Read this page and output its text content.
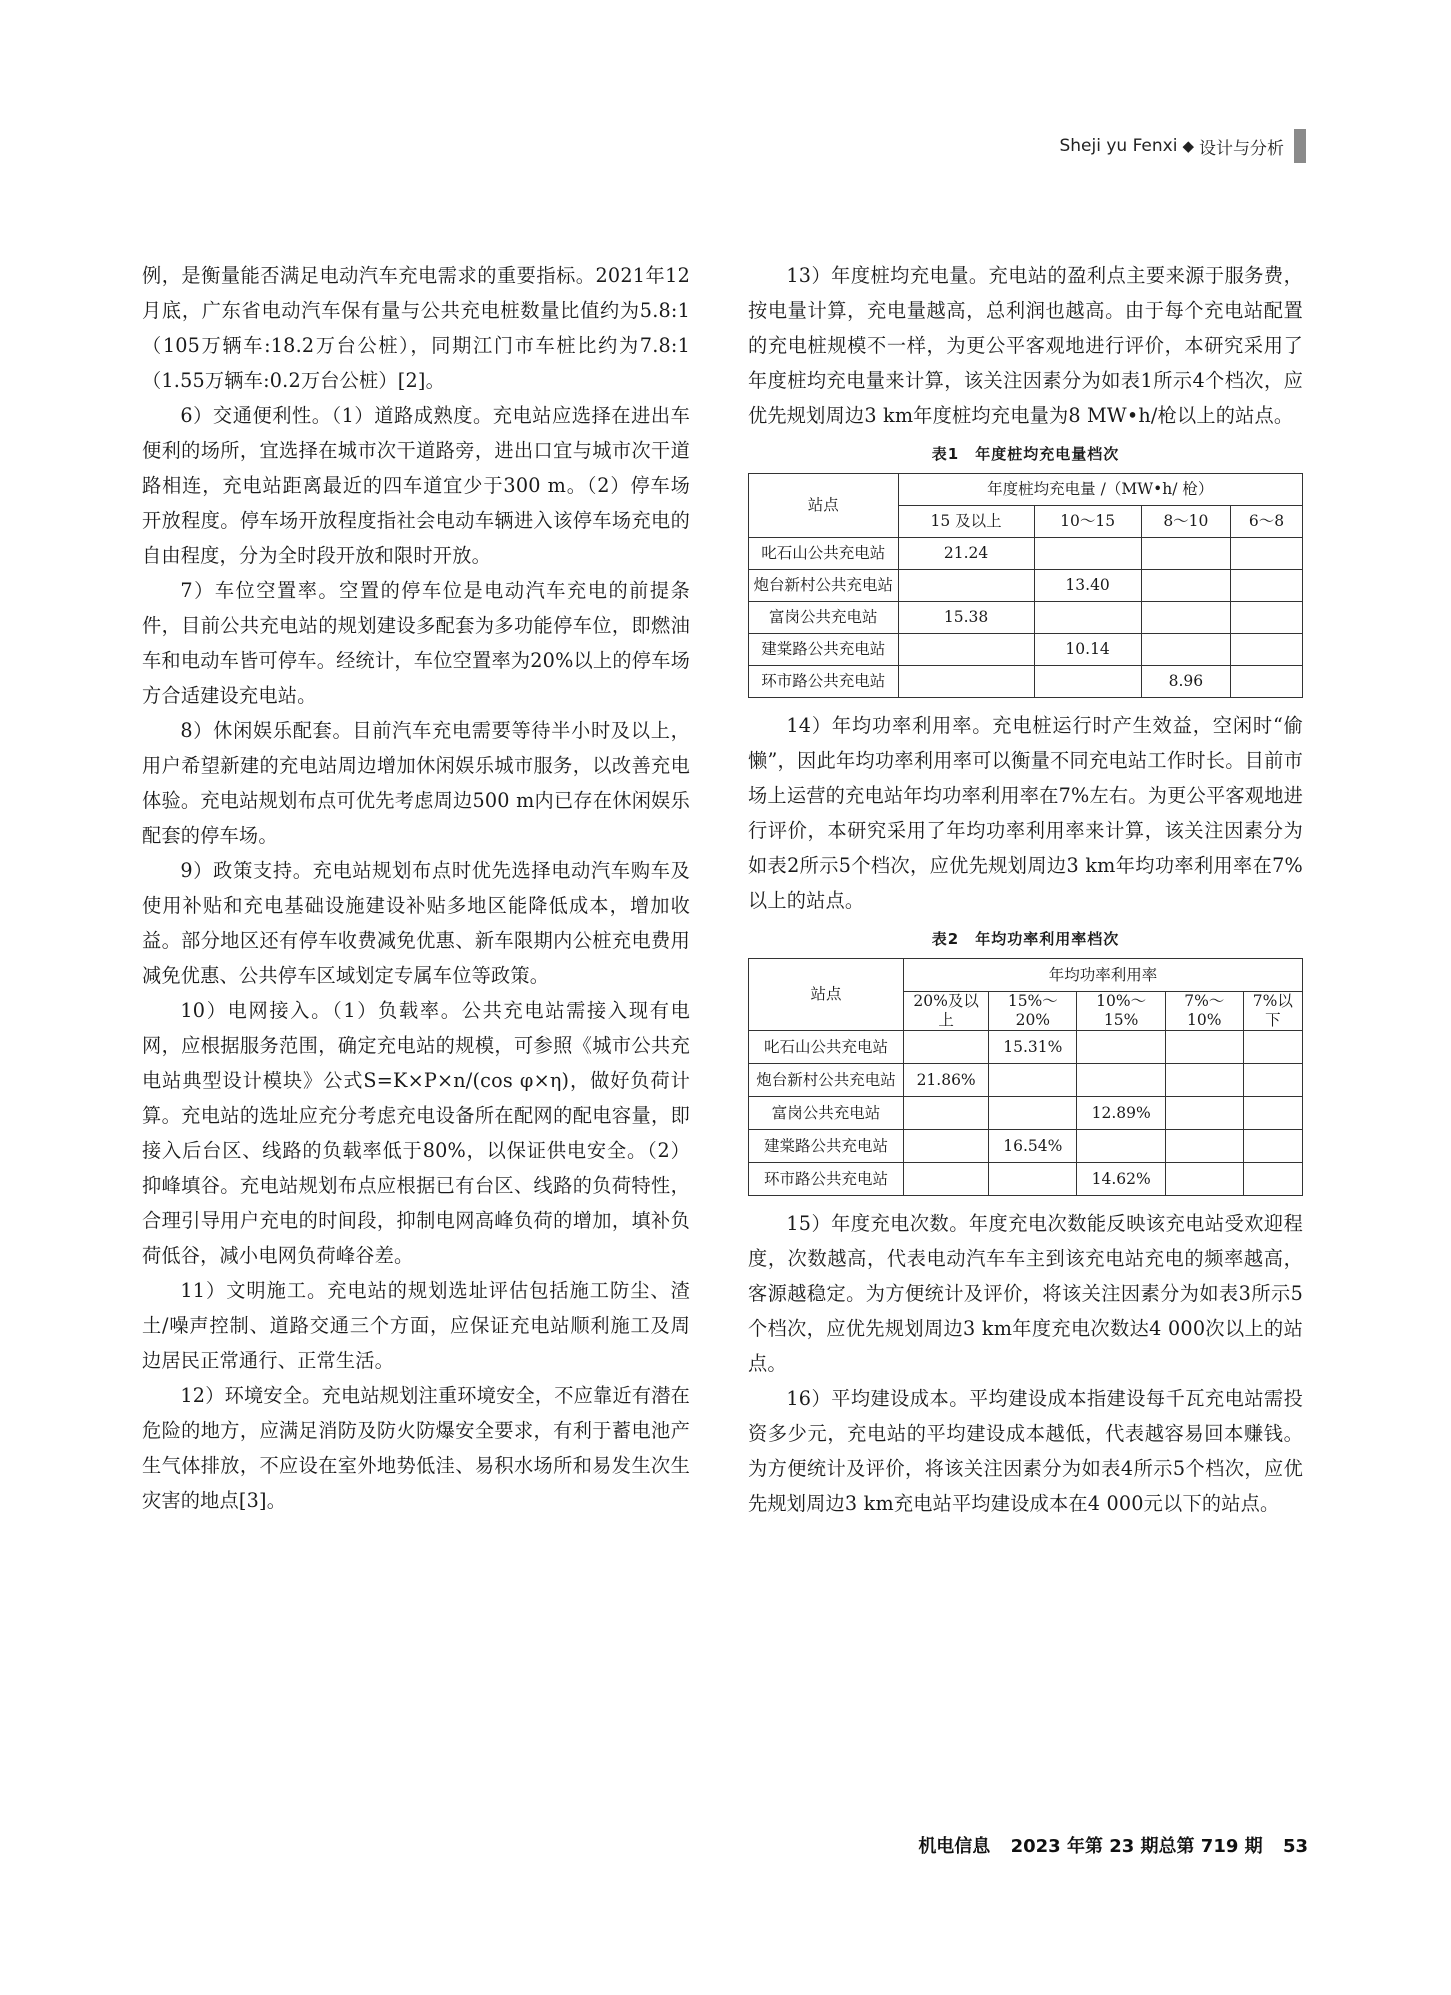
Sheji yu Fenxi ◆ 设计与分析

例，是衡量能否满足电动汽车充电需求的重要指标。2021年12月底，广东省电动汽车保有量与公共充电桩数量比值约为5.8:1（105万辆车:18.2万台公桩），同期江门市车桩比约为7.8:1（1.55万辆车:0.2万台公桩）[2]。

6）交通便利性。（1）道路成熟度。充电站应选择在进出车便利的场所，宜选择在城市次干道路旁，进出口宜与城市次干道路相连，充电站距离最近的四车道宜少于300 m。（2）停车场开放程度。停车场开放程度指社会电动车辆进入该停车场充电的自由程度，分为全时段开放和限时开放。

7）车位空置率。空置的停车位是电动汽车充电的前提条件，目前公共充电站的规划建设多配套为多功能停车位，即燃油车和电动车皆可停车。经统计，车位空置率为20%以上的停车场方合适建设充电站。

8）休闲娱乐配套。目前汽车充电需要等待半小时及以上，用户希望新建的充电站周边增加休闲娱乐城市服务，以改善充电体验。充电站规划布点可优先考虑周边500 m内已存在休闲娱乐配套的停车场。

9）政策支持。充电站规划布点时优先选择电动汽车购车及使用补贴和充电基础设施建设补贴多地区能降低成本，增加收益。部分地区还有停车收费减免优惠、新车限期内公桩充电费用减免优惠、公共停车区域划定专属车位等政策。

10）电网接入。（1）负载率。公共充电站需接入现有电网，应根据服务范围，确定充电站的规模，可参照《城市公共充电站典型设计模块》公式S=K×P×n/(cos φ×η)，做好负荷计算。充电站的选址应充分考虑充电设备所在配网的配电容量，即接入后台区、线路的负载率低于80%，以保证供电安全。（2）抑峰填谷。充电站规划布点应根据已有台区、线路的负荷特性，合理引导用户充电的时间段，抑制电网高峰负荷的增加，填补负荷低谷，减小电网负荷峰谷差。

11）文明施工。充电站的规划选址评估包括施工防尘、渣土/噪声控制、道路交通三个方面，应保证充电站顺利施工及周边居民正常通行、正常生活。

12）环境安全。充电站规划注重环境安全，不应靠近有潜在危险的地方，应满足消防及防火防爆安全要求，有利于蓄电池产生气体排放，不应设在室外地势低洼、易积水场所和易发生次生灾害的地点[3]。

13）年度桩均充电量。充电站的盈利点主要来源于服务费，按电量计算，充电量越高，总利润也越高。由于每个充电站配置的充电桩规模不一样，为更公平客观地进行评价，本研究采用了年度桩均充电量来计算，该关注因素分为如表1所示4个档次，应优先规划周边3 km年度桩均充电量为8 MW•h/枪以上的站点。

表1　年度桩均充电量档次
站点	年度桩均充电量 /（MW•h/ 枪）			
	15 及以上	10～15	8～10	6～8
叱石山公共充电站	21.24			
炮台新村公共充电站		13.40		
富岗公共充电站	15.38			
建棠路公共充电站		10.14		
环市路公共充电站			8.96	

14）年均功率利用率。充电桩运行时产生效益，空闲时“偷懒”，因此年均功率利用率可以衡量不同充电站工作时长。目前市场上运营的充电站年均功率利用率在7%左右。为更公平客观地进行评价，本研究采用了年均功率利用率来计算，该关注因素分为如表2所示5个档次，应优先规划周边3 km年均功率利用率在7%以上的站点。

表2　年均功率利用率档次
站点	年均功率利用率				
	20%及以上	15%～20%	10%～15%	7%～10%	7%以下
叱石山公共充电站		15.31%			
炮台新村公共充电站	21.86%				
富岗公共充电站			12.89%		
建棠路公共充电站		16.54%			
环市路公共充电站			14.62%		

15）年度充电次数。年度充电次数能反映该充电站受欢迎程度，次数越高，代表电动汽车车主到该充电站充电的频率越高，客源越稳定。为方便统计及评价，将该关注因素分为如表3所示5个档次，应优先规划周边3 km年度充电次数达4 000次以上的站点。

16）平均建设成本。平均建设成本指建设每千瓦充电站需投资多少元，充电站的平均建设成本越低，代表越容易回本赚钱。为方便统计及评价，将该关注因素分为如表4所示5个档次，应优先规划周边3 km充电站平均建设成本在4 000元以下的站点。

机电信息 2023 年第 23 期总第 719 期 53
